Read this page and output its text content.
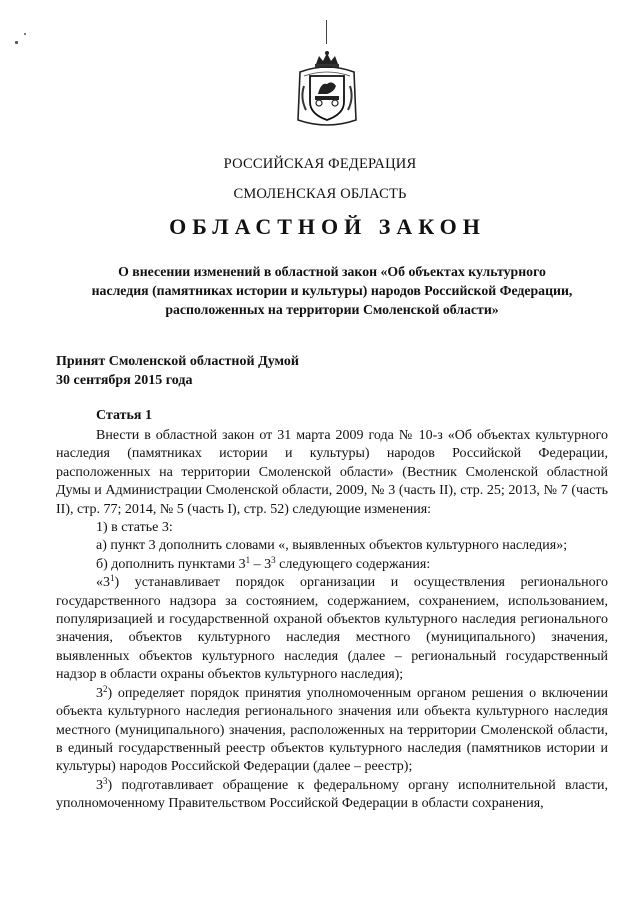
РОССИЙСКАЯ ФЕДЕРАЦИЯ
СМОЛЕНСКАЯ ОБЛАСТЬ
ОБЛАСТНОЙ ЗАКОН
О внесении изменений в областной закон «Об объектах культурного
наследия (памятниках истории и культуры) народов Российской Федерации,
расположенных на территории Смоленской области»
Принят Смоленской областной Думой
30 сентября 2015 года
Статья 1

Внести в областной закон от 31 марта 2009 года № 10-з «Об объектах культурного наследия (памятниках истории и культуры) народов Российской Федерации, расположенных на территории Смоленской области» (Вестник Смоленской областной Думы и Администрации Смоленской области, 2009, № 3 (часть II), стр. 25; 2013, № 7 (часть II), стр. 77; 2014, № 5 (часть I), стр. 52) следующие изменения:

1) в статье 3:

а) пункт 3 дополнить словами «, выявленных объектов культурного наследия»;

б) дополнить пунктами $3^1 - 3^3$ следующего содержания:

«$3^1$) устанавливает порядок организации и осуществления регионального государственного надзора за состоянием, содержанием, сохранением, использованием, популяризацией и государственной охраной объектов культурного наследия регионального значения, объектов культурного наследия местного (муниципального) значения, выявленных объектов культурного наследия (далее – региональный государственный надзор в области охраны объектов культурного наследия);

$3^2$) определяет порядок принятия уполномоченным органом решения о включении объекта культурного наследия регионального значения или объекта культурного наследия местного (муниципального) значения, расположенных на территории Смоленской области, в единый государственный реестр объектов культурного наследия (памятников истории и культуры) народов Российской Федерации (далее – реестр);

$3^3$) подготавливает обращение к федеральному органу исполнительной власти, уполномоченному Правительством Российской Федерации в области сохранения,
